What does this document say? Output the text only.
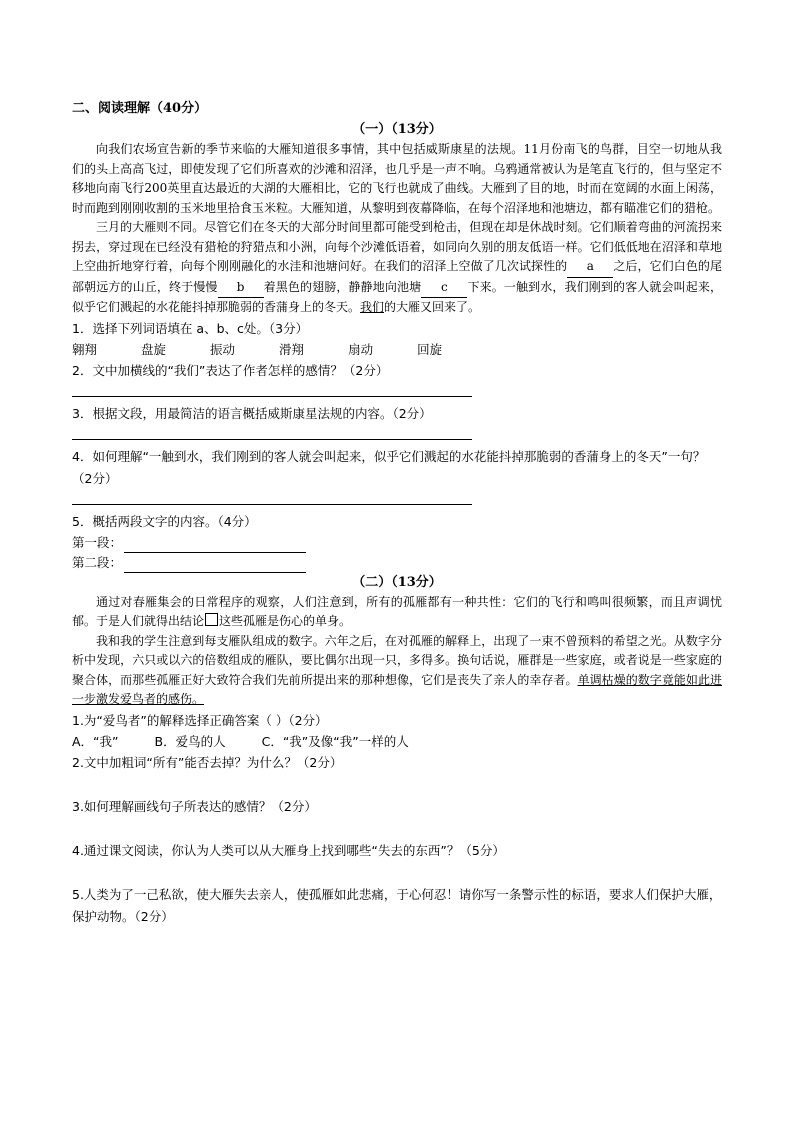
二、阅读理解（40分）
（一）（13分）

向我们农场宣告新的季节来临的大雁知道很多事情，其中包括威斯康星的法规。11月份南飞的鸟群，目空一切地从我们的头上高高飞过，即使发现了它们所喜欢的沙滩和沼泽，也几乎是一声不响。乌鸦通常被认为是笔直飞行的，但与坚定不移地向南飞行200英里直达最近的大湖的大雁相比，它的飞行也就成了曲线。大雁到了目的地，时而在宽阔的水面上闲荡，时而跑到刚刚收割的玉米地里拾食玉米粒。大雁知道，从黎明到夜幕降临，在每个沼泽地和池塘边，都有瞄准它们的猎枪。

三月的大雁则不同。尽管它们在冬天的大部分时间里都可能受到枪击，但现在却是休战时刻。它们顺着弯曲的河流拐来拐去，穿过现在已经没有猎枪的狩猎点和小洲，向每个沙滩低语着，如同向久别的朋友低语一样。它们低低地在沼泽和草地上空曲折地穿行着，向每个刚刚融化的水洼和池塘问好。在我们的沼泽上空做了几次试探性的 a 之后，它们白色的尾部朝远方的山丘，终于慢慢 b 着黑色的翅膀，静静地向池塘 c 下来。一触到水，我们刚到的客人就会叫起来，似乎它们溅起的水花能抖掉那脆弱的香蒲身上的冬天。我们的大雁又回来了。

1．选择下列词语填在 a、b、c处。（3分）

翱翔	盘旋	振动	滑翔	扇动	回旋

2．文中加横线的“我们”表达了作者怎样的感情？（2分）

3．根据文段，用最简洁的语言概括威斯康星法规的内容。（2分）

4．如何理解“一触到水，我们刚到的客人就会叫起来，似乎它们溅起的水花能抖掉那脆弱的香蒲身上的冬天”一句？（2分）

5．概括两段文字的内容。（4分）

第一段：
第二段：
（二）（13分）

通过对春雁集会的日常程序的观察，人们注意到，所有的孤雁都有一种共性：它们的飞行和鸣叫很频繁，而且声调忧郁。于是人们就得出结论 这些孤雁是伤心的单身。

我和我的学生注意到每支雁队组成的数字。六年之后，在对孤雁的解释上，出现了一束不曾预料的希望之光。从数字分析中发现，六只或以六的倍数组成的雁队，要比偶尔出现一只，多得多。换句话说，雁群是一些家庭，或者说是一些家庭的聚合体，而那些孤雁正好大致符合我们先前所提出来的那种想像，它们是丧失了亲人的幸存者。单调枯燥的数字竟能如此进一步激发爱鸟者的感伤。

1.为“爱鸟者”的解释选择正确答案（ ）（2分）

A．“我”	B．爱鸟的人	C．“我”及像“我”一样的人

2.文中加粗词“所有”能否去掉？为什么？（2分）

3.如何理解画线句子所表达的感情？（2分）

4.通过课文阅读，你认为人类可以从大雁身上找到哪些“失去的东西”？（5分）

5.人类为了一己私欲，使大雁失去亲人，使孤雁如此悲痛，于心何忍！请你写一条警示性的标语，要求人们保护大雁，保护动物。（2分）
